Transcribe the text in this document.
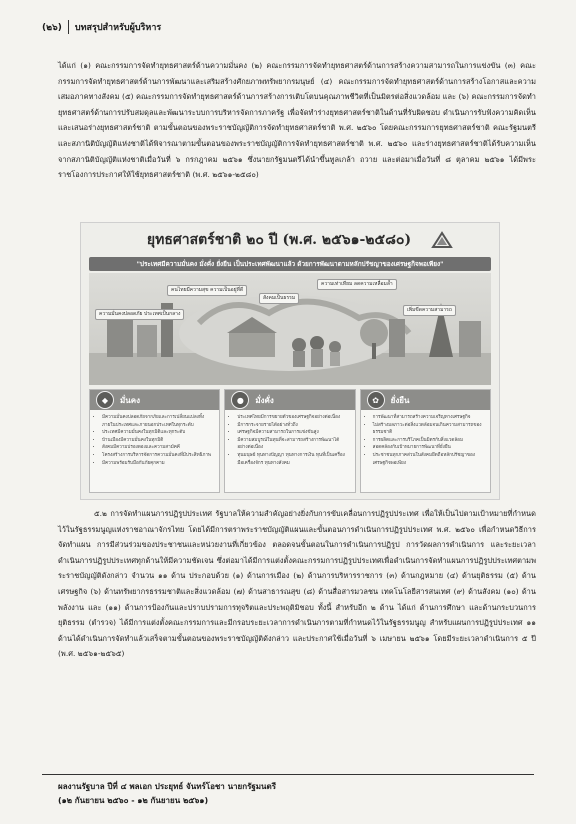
(๒๖) บทสรุปสำหรับผู้บริหาร

ได้แก่ (๑) คณะกรรมการจัดทำยุทธศาสตร์ด้านความมั่นคง (๒) คณะกรรมการจัดทำยุทธศาสตร์ด้านการสร้างความสามารถในการแข่งขัน (๓) คณะกรรมการจัดทำยุทธศาสตร์ด้านการพัฒนาและเสริมสร้างศักยภาพทรัพยากรมนุษย์ (๔) คณะกรรมการจัดทำยุทธศาสตร์ด้านการสร้างโอกาสและความเสมอภาคทางสังคม (๕) คณะกรรมการจัดทำยุทธศาสตร์ด้านการสร้างการเติบโตบนคุณภาพชีวิตที่เป็นมิตรต่อสิ่งแวดล้อม และ (๖) คณะกรรมการจัดทำยุทธศาสตร์ด้านการปรับสมดุลและพัฒนาระบบการบริหารจัดการภาครัฐ เพื่อจัดทำร่างยุทธศาสตร์ชาติในด้านที่รับผิดชอบ ดำเนินการรับฟังความคิดเห็น และเสนอร่างยุทธศาสตร์ชาติ ตามขั้นตอนของพระราชบัญญัติการจัดทำยุทธศาสตร์ชาติ พ.ศ. ๒๕๖๐ โดยคณะกรรมการยุทธศาสตร์ชาติ คณะรัฐมนตรี และสภานิติบัญญัติแห่งชาติได้พิจารณาตามขั้นตอนของพระราชบัญญัติการจัดทำยุทธศาสตร์ชาติ พ.ศ. ๒๕๖๐ และร่างยุทธศาสตร์ชาติได้รับความเห็นจากสภานิติบัญญัติแห่งชาติเมื่อวันที่ ๖ กรกฎาคม ๒๕๖๑ ซึ่งนายกรัฐมนตรีได้นำขึ้นทูลเกล้า ถวาย และต่อมาเมื่อวันที่ ๘ ตุลาคม ๒๕๖๑ ได้มีพระราชโองการประกาศให้ใช้ยุทธศาสตร์ชาติ (พ.ศ. ๒๕๖๑-๒๕๘๐)

ยุทธศาสตร์ชาติ ๒๐ ปี (พ.ศ. ๒๕๖๑-๒๕๘๐)
"ประเทศมีความมั่นคง มั่งคั่ง ยั่งยืน เป็นประเทศพัฒนาแล้ว ด้วยการพัฒนาตามหลักปรัชญาของเศรษฐกิจพอเพียง"
ความมั่นคงปลอดภัย ประเทศเป็นกลาง
คนไทยมีความสุข ความเป็นอยู่ที่ดี
สังคมเป็นธรรม
ความเท่าเทียม ลดความเหลื่อมล้ำ
เพิ่มขีดความสามารถ
◆	มั่นคง
• มีความมั่นคงปลอดภัยจากภัยและการเปลี่ยนแปลงทั้งภายในประเทศและภายนอกประเทศในทุกระดับ
• ประเทศมีความมั่นคงในทุกมิติและทุกระดับ
• บ้านเมืองมีความมั่นคงในทุกมิติ
• สังคมมีความปรองดองและความสามัคคี
• โครงสร้างการบริหารจัดการความมั่นคงที่มีประสิทธิภาพ
• มีความพร้อมรับมือกับภัยคุกคาม
●	มั่งคั่ง
• ประเทศไทยมีการขยายตัวของเศรษฐกิจอย่างต่อเนื่อง
• มีการกระจายรายได้อย่างทั่วถึง
• เศรษฐกิจมีความสามารถในการแข่งขันสูง
• มีความสมบูรณ์ในทุนที่จะสามารถสร้างการพัฒนาได้อย่างต่อเนื่อง
• ทุนมนุษย์ ทุนทางปัญญา ทุนทางการเงิน ทุนที่เป็นเครื่องมือเครื่องจักร ทุนทางสังคม
✿	ยั่งยืน
• การพัฒนาที่สามารถสร้างความเจริญทางเศรษฐกิจ
• ไม่สร้างมลภาวะต่อสิ่งแวดล้อมจนเกินความสามารถของธรรมชาติ
• การผลิตและการบริโภคเป็นมิตรกับสิ่งแวดล้อม
• สอดคล้องกับเป้าหมายการพัฒนาที่ยั่งยืน
• ประชาชนทุกภาคส่วนในสังคมยึดถือหลักปรัชญาของเศรษฐกิจพอเพียง

๕.๒ การจัดทำแผนการปฏิรูปประเทศ รัฐบาลให้ความสำคัญอย่างยิ่งกับการขับเคลื่อนการปฏิรูปประเทศ เพื่อให้เป็นไปตามเป้าหมายที่กำหนดไว้ในรัฐธรรมนูญแห่งราชอาณาจักรไทย โดยได้มีการตราพระราชบัญญัติแผนและขั้นตอนการดำเนินการปฏิรูปประเทศ พ.ศ. ๒๕๖๐ เพื่อกำหนดวิธีการจัดทำแผน การมีส่วนร่วมของประชาชนและหน่วยงานที่เกี่ยวข้อง ตลอดจนขั้นตอนในการดำเนินการปฏิรูป การวัดผลการดำเนินการ และระยะเวลาดำเนินการปฏิรูปประเทศทุกด้านให้มีความชัดเจน ซึ่งต่อมาได้มีการแต่งตั้งคณะกรรมการปฏิรูปประเทศเพื่อดำเนินการจัดทำแผนการปฏิรูปประเทศตามพระราชบัญญัติดังกล่าว จำนวน ๑๑ ด้าน ประกอบด้วย (๑) ด้านการเมือง (๒) ด้านการบริหารราชการ (๓) ด้านกฎหมาย (๔) ด้านยุติธรรม (๕) ด้านเศรษฐกิจ (๖) ด้านทรัพยากรธรรมชาติและสิ่งแวดล้อม (๗) ด้านสาธารณสุข (๘) ด้านสื่อสารมวลชน เทคโนโลยีสารสนเทศ (๙) ด้านสังคม (๑๐) ด้านพลังงาน และ (๑๑) ด้านการป้องกันและปราบปรามการทุจริตและประพฤติมิชอบ ทั้งนี้ สำหรับอีก ๒ ด้าน ได้แก่ ด้านการศึกษา และด้านกระบวนการยุติธรรม (ตำรวจ) ได้มีการแต่งตั้งคณะกรรมการและมีกรอบระยะเวลาการดำเนินการตามที่กำหนดไว้ในรัฐธรรมนูญ สำหรับแผนการปฏิรูปประเทศ ๑๑ ด้านได้ดำเนินการจัดทำแล้วเสร็จตามขั้นตอนของพระราชบัญญัติดังกล่าว และประกาศใช้เมื่อวันที่ ๖ เมษายน ๒๕๖๑ โดยมีระยะเวลาดำเนินการ ๕ ปี (พ.ศ. ๒๕๖๑-๒๕๖๕)

ผลงานรัฐบาล ปีที่ ๔ พลเอก ประยุทธ์ จันทร์โอชา นายกรัฐมนตรี
(๑๒ กันยายน ๒๕๖๐ - ๑๒ กันยายน ๒๕๖๑)
